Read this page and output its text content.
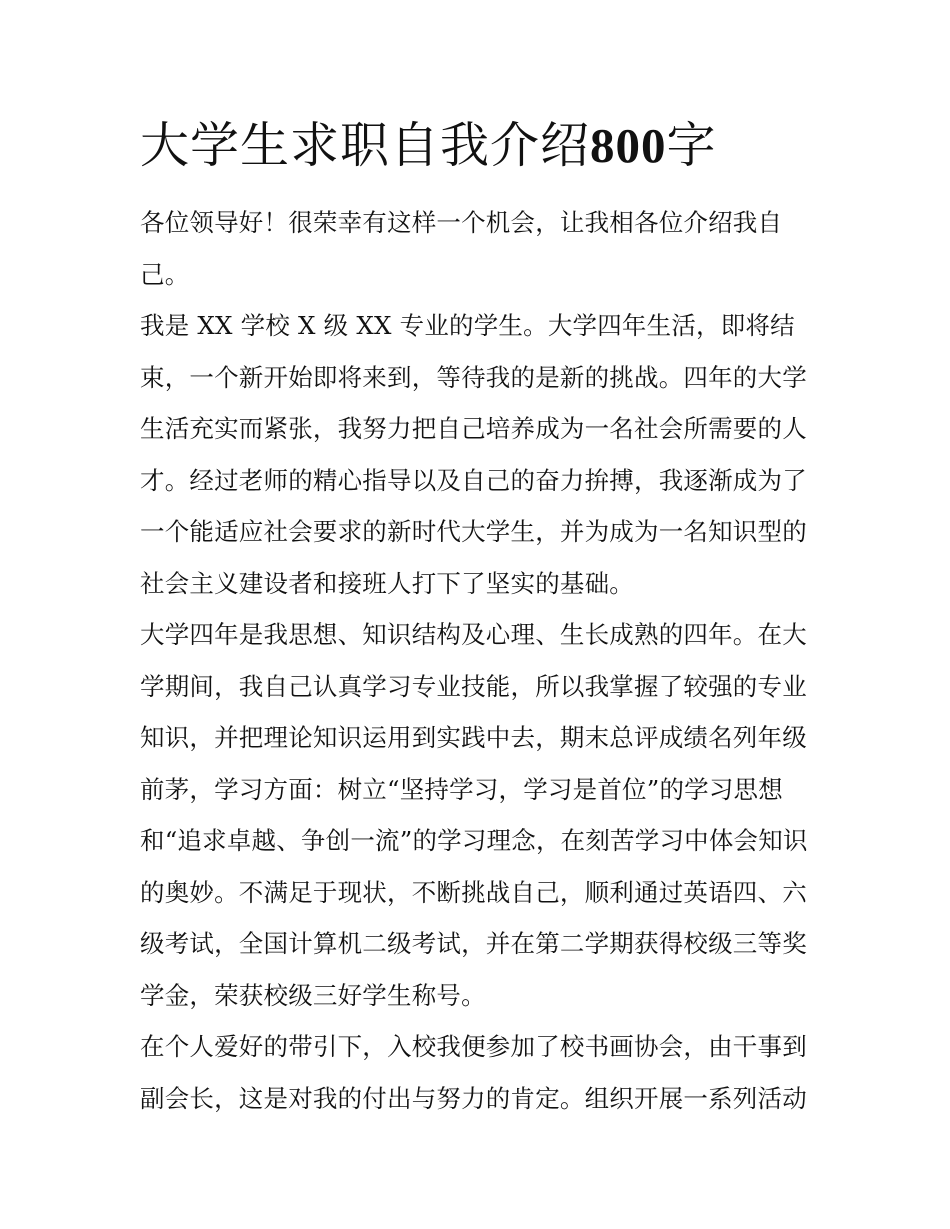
大学生求职自我介绍800字
各位领导好！很荣幸有这样一个机会，让我相各位介绍我自
己。
我是 XX 学校 X 级 XX 专业的学生。大学四年生活，即将结
束，一个新开始即将来到，等待我的是新的挑战。四年的大学
生活充实而紧张，我努力把自己培养成为一名社会所需要的人
才。经过老师的精心指导以及自己的奋力拚搏，我逐渐成为了
一个能适应社会要求的新时代大学生，并为成为一名知识型的
社会主义建设者和接班人打下了坚实的基础。
大学四年是我思想、知识结构及心理、生长成熟的四年。在大
学期间，我自己认真学习专业技能，所以我掌握了较强的专业
知识，并把理论知识运用到实践中去，期末总评成绩名列年级
前茅，学习方面：树立“坚持学习，学习是首位”的学习思想
和“追求卓越、争创一流”的学习理念，在刻苦学习中体会知识
的奥妙。不满足于现状，不断挑战自己，顺利通过英语四、六
级考试，全国计算机二级考试，并在第二学期获得校级三等奖
学金，荣获校级三好学生称号。
在个人爱好的带引下，入校我便参加了校书画协会，由干事到
副会长，这是对我的付出与努力的肯定。组织开展一系列活动
